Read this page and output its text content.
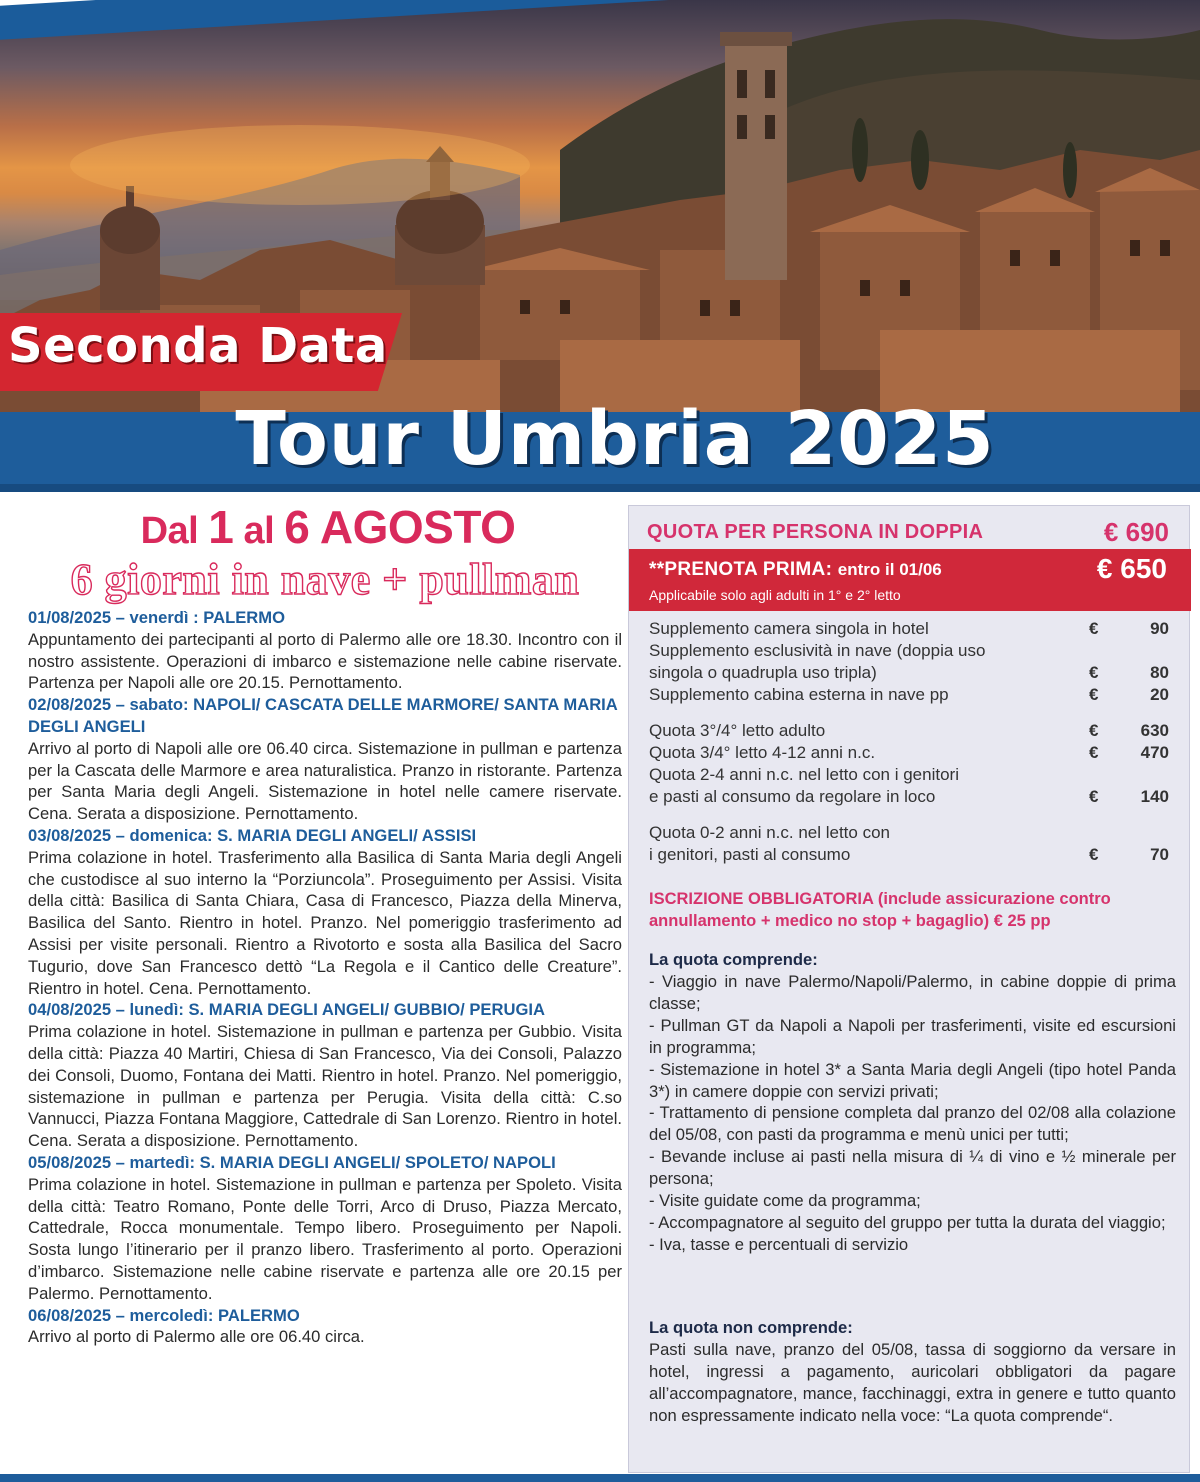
Seconda Data
Tour Umbria 2025
Dal 1 al 6 AGOSTO
6 giorni in nave + pullman
01/08/2025 – venerdì : PALERMO
Appuntamento dei partecipanti al porto di Palermo alle ore 18.30. Incontro con il nostro assistente. Operazioni di imbarco e sistemazione nelle cabine riservate. Partenza per Napoli alle ore 20.15. Pernottamento.
02/08/2025 – sabato: NAPOLI/ CASCATA DELLE MARMORE/ SANTA MARIA DEGLI ANGELI
Arrivo al porto di Napoli alle ore 06.40 circa. Sistemazione in pullman e partenza per la Cascata delle Marmore e area naturalistica. Pranzo in ristorante. Partenza per Santa Maria degli Angeli. Sistemazione in hotel nelle camere riservate. Cena. Serata a disposizione. Pernottamento.
03/08/2025 – domenica: S. MARIA DEGLI ANGELI/ ASSISI
Prima colazione in hotel. Trasferimento alla Basilica di Santa Maria degli Angeli che custodisce al suo interno la “Porziuncola”. Proseguimento per Assisi. Visita della città: Basilica di Santa Chiara, Casa di Francesco, Piazza della Minerva, Basilica del Santo. Rientro in hotel. Pranzo. Nel pomeriggio trasferimento ad Assisi per visite personali. Rientro a Rivotorto e sosta alla Basilica del Sacro Tugurio, dove San Francesco dettò “La Regola e il Cantico delle Creature”. Rientro in hotel. Cena. Pernottamento.
04/08/2025 – lunedì: S. MARIA DEGLI ANGELI/ GUBBIO/ PERUGIA
Prima colazione in hotel. Sistemazione in pullman e partenza per Gubbio. Visita della città: Piazza 40 Martiri, Chiesa di San Francesco, Via dei Consoli, Palazzo dei Consoli, Duomo, Fontana dei Matti. Rientro in hotel. Pranzo. Nel pomeriggio, sistemazione in pullman e partenza per Perugia. Visita della città: C.so Vannucci, Piazza Fontana Maggiore, Cattedrale di San Lorenzo. Rientro in hotel. Cena. Serata a disposizione. Pernottamento.
05/08/2025 – martedì: S. MARIA DEGLI ANGELI/ SPOLETO/ NAPOLI
Prima colazione in hotel. Sistemazione in pullman e partenza per Spoleto. Visita della città: Teatro Romano, Ponte delle Torri, Arco di Druso, Piazza Mercato, Cattedrale, Rocca monumentale. Tempo libero. Proseguimento per Napoli. Sosta lungo l’itinerario per il pranzo libero. Trasferimento al porto. Operazioni d’imbarco. Sistemazione nelle cabine riservate e partenza alle ore 20.15 per Palermo. Pernottamento.
06/08/2025 – mercoledì: PALERMO
Arrivo al porto di Palermo alle ore 06.40 circa.
QUOTA PER PERSONA IN DOPPIA	€ 690
**PRENOTA PRIMA: entro il 01/06
Applicabile solo agli adulti in 1° e 2° letto
€ 650
Supplemento camera singola in hotel	€	90
Supplemento esclusività in nave (doppia uso
singola o quadrupla uso tripla)	€	80
Supplemento cabina esterna in nave pp	€	20
Quota 3°/4° letto adulto	€	630
Quota 3/4° letto 4-12 anni n.c.	€	470
Quota 2-4 anni n.c. nel letto con i genitori
e pasti al consumo da regolare in loco	€	140
Quota 0-2 anni n.c. nel letto con
i genitori, pasti al consumo	€	70
ISCRIZIONE OBBLIGATORIA (include assicurazione contro annullamento + medico no stop + bagaglio) € 25 pp
La quota comprende:
- Viaggio in nave Palermo/Napoli/Palermo, in cabine doppie di prima classe;
- Pullman GT da Napoli a Napoli per trasferimenti, visite ed escursioni in programma;
- Sistemazione in hotel 3* a Santa Maria degli Angeli (tipo hotel Panda 3*) in camere doppie con servizi privati;
- Trattamento di pensione completa dal pranzo del 02/08 alla colazione del 05/08, con pasti da programma e menù unici per tutti;
- Bevande incluse ai pasti nella misura di ¼ di vino e ½ minerale per persona;
- Visite guidate come da programma;
- Accompagnatore al seguito del gruppo per tutta la durata del viaggio;
- Iva, tasse e percentuali di servizio
La quota non comprende:
Pasti sulla nave, pranzo del 05/08, tassa di soggiorno da versare in hotel, ingressi a pagamento, auricolari obbligatori da pagare all’accompagnatore, mance, facchinaggi, extra in genere e tutto quanto non espressamente indicato nella voce: “La quota comprende“.
